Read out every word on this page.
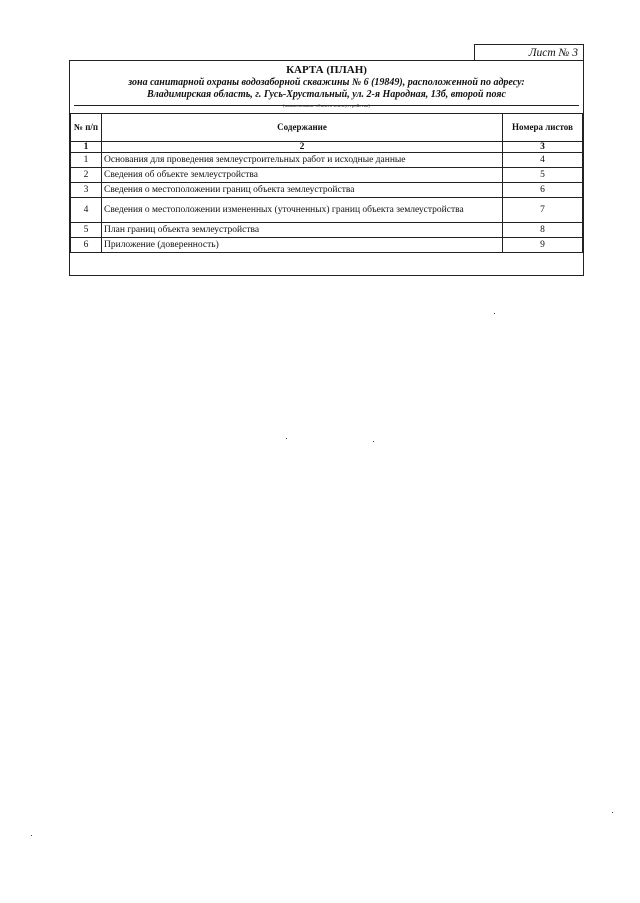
Лист № 3
КАРТА (ПЛАН)
зона санитарной охраны водозаборной скважины № 6 (19849), расположенной по адресу:
Владимирская область, г. Гусь-Хрустальный, ул. 2-я Народная, 13б, второй пояс
(наименование объекта землеустройства)
№ п/п	Содержание	Номера листов
1	2	3
1	Основания для проведения землеустроительных работ и исходные данные	4
2	Сведения об объекте землеустройства	5
3	Сведения о местоположении границ объекта землеустройства	6
4	Сведения о местоположении измененных (уточненных) границ объекта землеустройства	7
5	План границ объекта землеустройства	8
6	Приложение (доверенность)	9
